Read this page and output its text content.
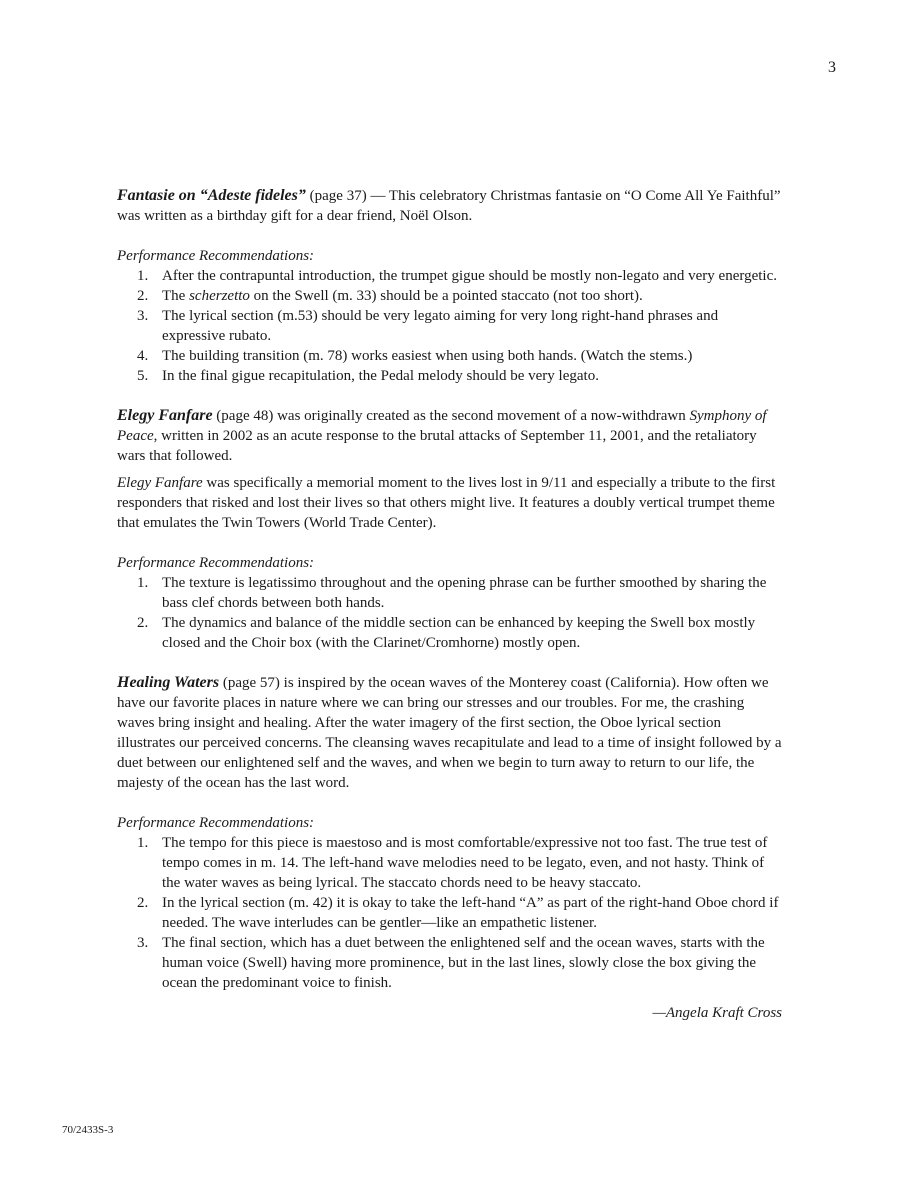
3

Fantasie on “Adeste fideles” (page 37) — This celebratory Christmas fantasie on “O Come All Ye Faithful” was written as a birthday gift for a dear friend, Noël Olson.

Performance Recommendations:

1. After the contrapuntal introduction, the trumpet gigue should be mostly non-legato and very energetic.
2. The scherzetto on the Swell (m. 33) should be a pointed staccato (not too short).
3. The lyrical section (m.53) should be very legato aiming for very long right-hand phrases and expressive rubato.
4. The building transition (m. 78) works easiest when using both hands. (Watch the stems.)
5. In the final gigue recapitulation, the Pedal melody should be very legato.

Elegy Fanfare (page 48) was originally created as the second movement of a now-withdrawn Symphony of Peace, written in 2002 as an acute response to the brutal attacks of September 11, 2001, and the retaliatory wars that followed.

Elegy Fanfare was specifically a memorial moment to the lives lost in 9/11 and especially a tribute to the first responders that risked and lost their lives so that others might live. It features a doubly vertical trumpet theme that emulates the Twin Towers (World Trade Center).

Performance Recommendations:

1. The texture is legatissimo throughout and the opening phrase can be further smoothed by sharing the bass clef chords between both hands.
2. The dynamics and balance of the middle section can be enhanced by keeping the Swell box mostly closed and the Choir box (with the Clarinet/Cromhorne) mostly open.

Healing Waters (page 57) is inspired by the ocean waves of the Monterey coast (California). How often we have our favorite places in nature where we can bring our stresses and our troubles. For me, the crashing waves bring insight and healing. After the water imagery of the first section, the Oboe lyrical section illustrates our perceived concerns. The cleansing waves recapitulate and lead to a time of insight followed by a duet between our enlightened self and the waves, and when we begin to turn away to return to our life, the majesty of the ocean has the last word.

Performance Recommendations:

1. The tempo for this piece is maestoso and is most comfortable/expressive not too fast. The true test of tempo comes in m. 14. The left-hand wave melodies need to be legato, even, and not hasty. Think of the water waves as being lyrical. The staccato chords need to be heavy staccato.
2. In the lyrical section (m. 42) it is okay to take the left-hand “A” as part of the right-hand Oboe chord if needed. The wave interludes can be gentler—like an empathetic listener.
3. The final section, which has a duet between the enlightened self and the ocean waves, starts with the human voice (Swell) having more prominence, but in the last lines, slowly close the box giving the ocean the predominant voice to finish.

—Angela Kraft Cross

70/2433S-3
